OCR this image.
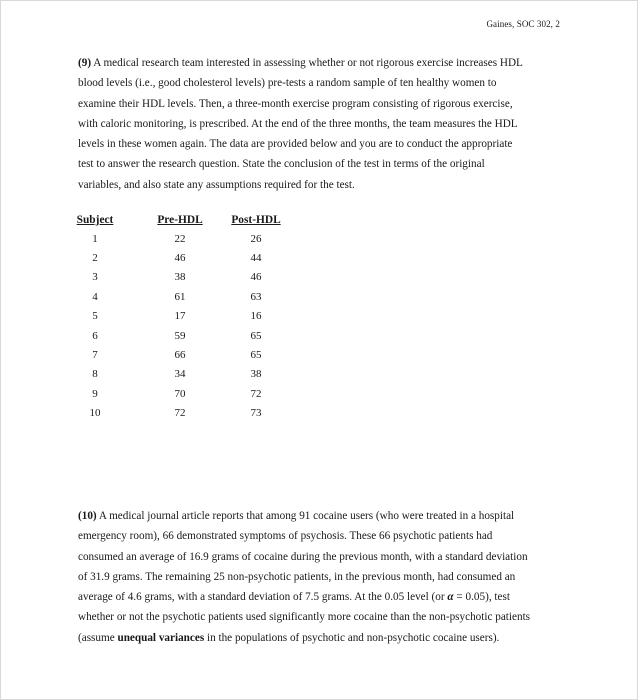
Gaines, SOC 302, 2
(9) A medical research team interested in assessing whether or not rigorous exercise increases HDL
blood levels (i.e., good cholesterol levels) pre-tests a random sample of ten healthy women to
examine their HDL levels. Then, a three-month exercise program consisting of rigorous exercise,
with caloric monitoring, is prescribed. At the end of the three months, the team measures the HDL
levels in these women again. The data are provided below and you are to conduct the appropriate
test to answer the research question. State the conclusion of the test in terms of the original
variables, and also state any assumptions required for the test.
Subject		Pre-HDL		Post-HDL
1		22		26
2		46		44
3		38		46
4		61		63
5		17		16
6		59		65
7		66		65
8		34		38
9		70		72
10		72		73
(10) A medical journal article reports that among 91 cocaine users (who were treated in a hospital
emergency room), 66 demonstrated symptoms of psychosis. These 66 psychotic patients had
consumed an average of 16.9 grams of cocaine during the previous month, with a standard deviation
of 31.9 grams. The remaining 25 non-psychotic patients, in the previous month, had consumed an
average of 4.6 grams, with a standard deviation of 7.5 grams. At the 0.05 level (or α = 0.05), test
whether or not the psychotic patients used significantly more cocaine than the non-psychotic patients
(assume unequal variances in the populations of psychotic and non-psychotic cocaine users).
